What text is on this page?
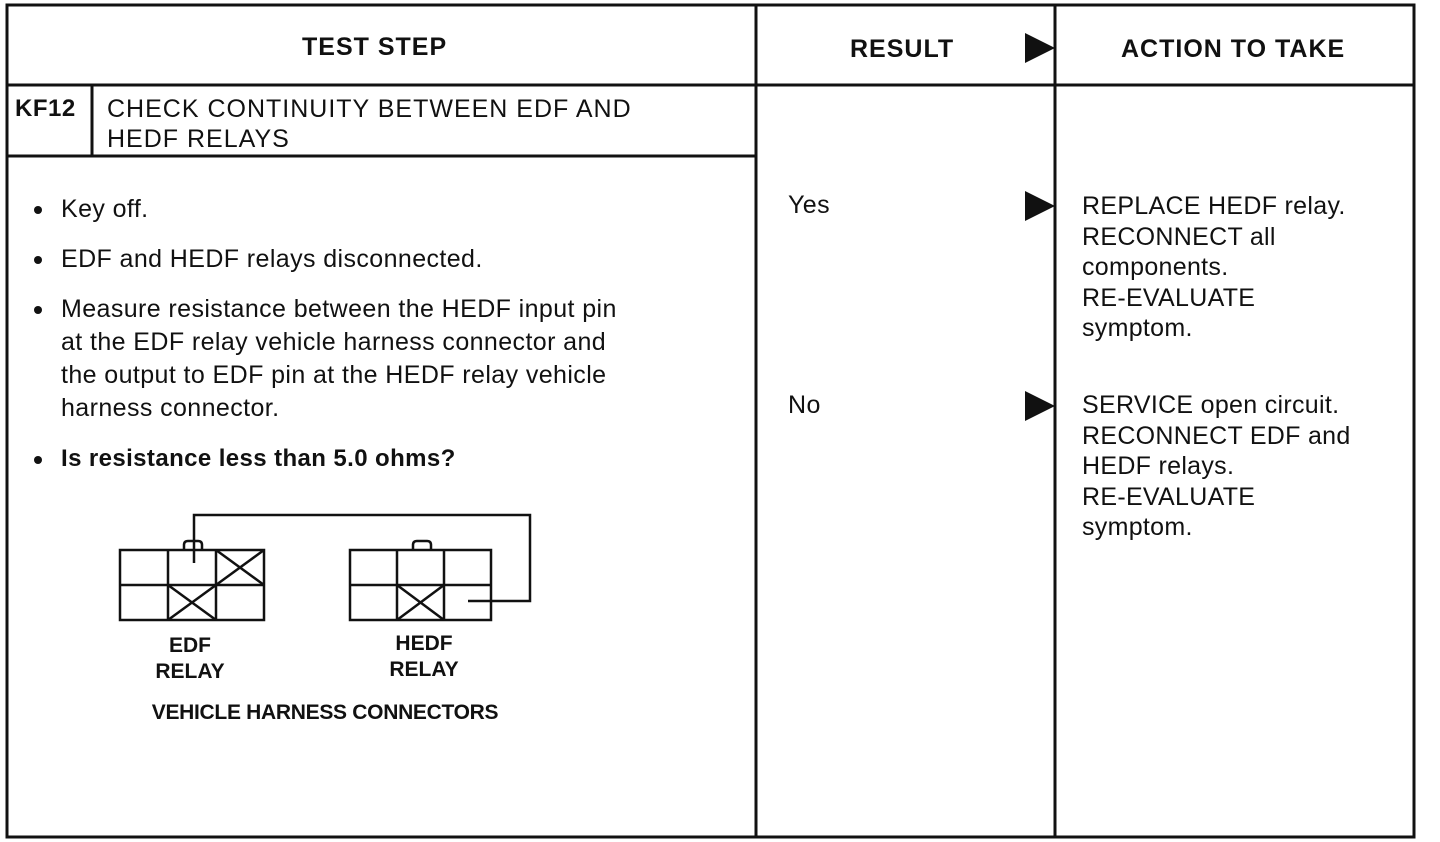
TEST STEP	RESULT	ACTION TO TAKE
KF12 CHECK CONTINUITY BETWEEN EDF AND
HEDF RELAYS
Key off.
EDF and HEDF relays disconnected.
Measure resistance between the HEDF input pin
at the EDF relay vehicle harness connector and
the output to EDF pin at the HEDF relay vehicle
harness connector.
Is resistance less than 5.0 ohms?
EDF
RELAY
HEDF
RELAY
VEHICLE HARNESS CONNECTORS
Yes
No
REPLACE HEDF relay.
RECONNECT all
components.
RE-EVALUATE
symptom.
SERVICE open circuit.
RECONNECT EDF and
HEDF relays.
RE-EVALUATE
symptom.
